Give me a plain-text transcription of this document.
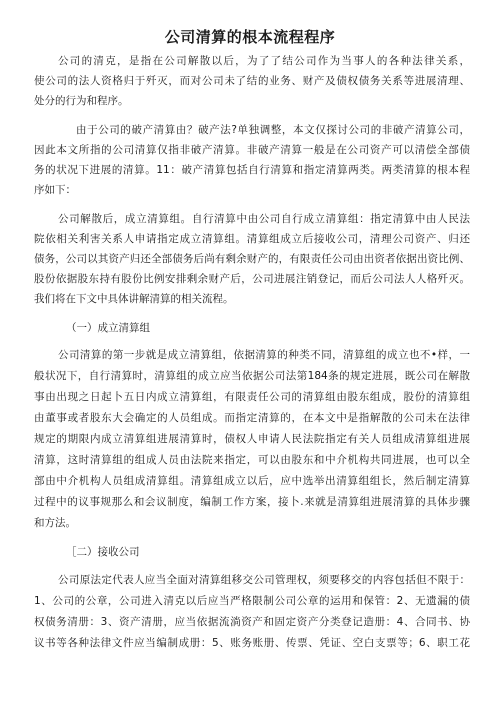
公司清算的根本流程程序
公司的清克，是指在公司解散以后，为了了结公司作为当事人的各种法律关系，
使公司的法人资格归于歼灭，而对公司未了结的业务、财产及债权债务关系等进展清理、
处分的行为和程序。
由于公司的破产清算由？破产法?单独调整，本文仅探讨公司的非破产清算公司，
因此本文所指的公司清算仅指非破产清算。非破产清算一般是在公司资产可以清偿全部债
务的状况下进展的清算。11：破产清算包括自行清算和指定清算两类。两类清算的根本程
序如下：
公司解散后，成立清算组。自行清算中由公司自行成立清算组：指定清算中由人民法
院依相关利害关系人申请指定成立清算组。清算组成立后接收公司，清理公司资产、归还
债务，公司以其资产归还全部债务后尚有剩余财产的，有限责任公司由出资者依据出资比例、
股份依据股东持有股份比例安排剩余财产后，公司进展注销登记，而后公司法人人格歼灭。
我们将在下文中具体讲解清算的相关流程。
（一）成立清算组
公司清算的第一步就是成立清算组，依据清算的种类不同，清算组的成立也不•样，一
般状况下，自行清算时，清算组的成立应当依据公司法第184条的规定进展，既公司在解散
事由出现之日起卜五日内成立清算组，有限责任公司的清算组由股东组成，股份的清算组
由董事或者股东大会确定的人员组成。而指定清算的，在本文中是指解散的公司未在法律
规定的期限内成立清算组进展清算时，债权人申请人民法院指定有关人员组成清算组进展
清算，这时清算组的组成人员由法院来指定，可以由股东和中介机构共同进展，也可以全
部由中介机构人员组成清算组。清算组成立以后，应中选举出清算组组长，然后制定清算
过程中的议事规那么和会议制度，编制工作方案，接卜.来就是清算组进展清算的具体步骤
和方法。
［二）接收公司
公司原法定代表人应当全面对清算组移交公司管理权，须要移交的内容包括但不限于：
1、公司的公章，公司进入清克以后应当严格限制公司公章的运用和保管：2、无遗漏的债
权债务清册：3、资产清册，应当依据流淌资产和固定资产分类登记造册：4、合同书、协
议书等各种法律文件应当编制成册：5、账务账册、传票、凭证、空白支票等；6、职工花
